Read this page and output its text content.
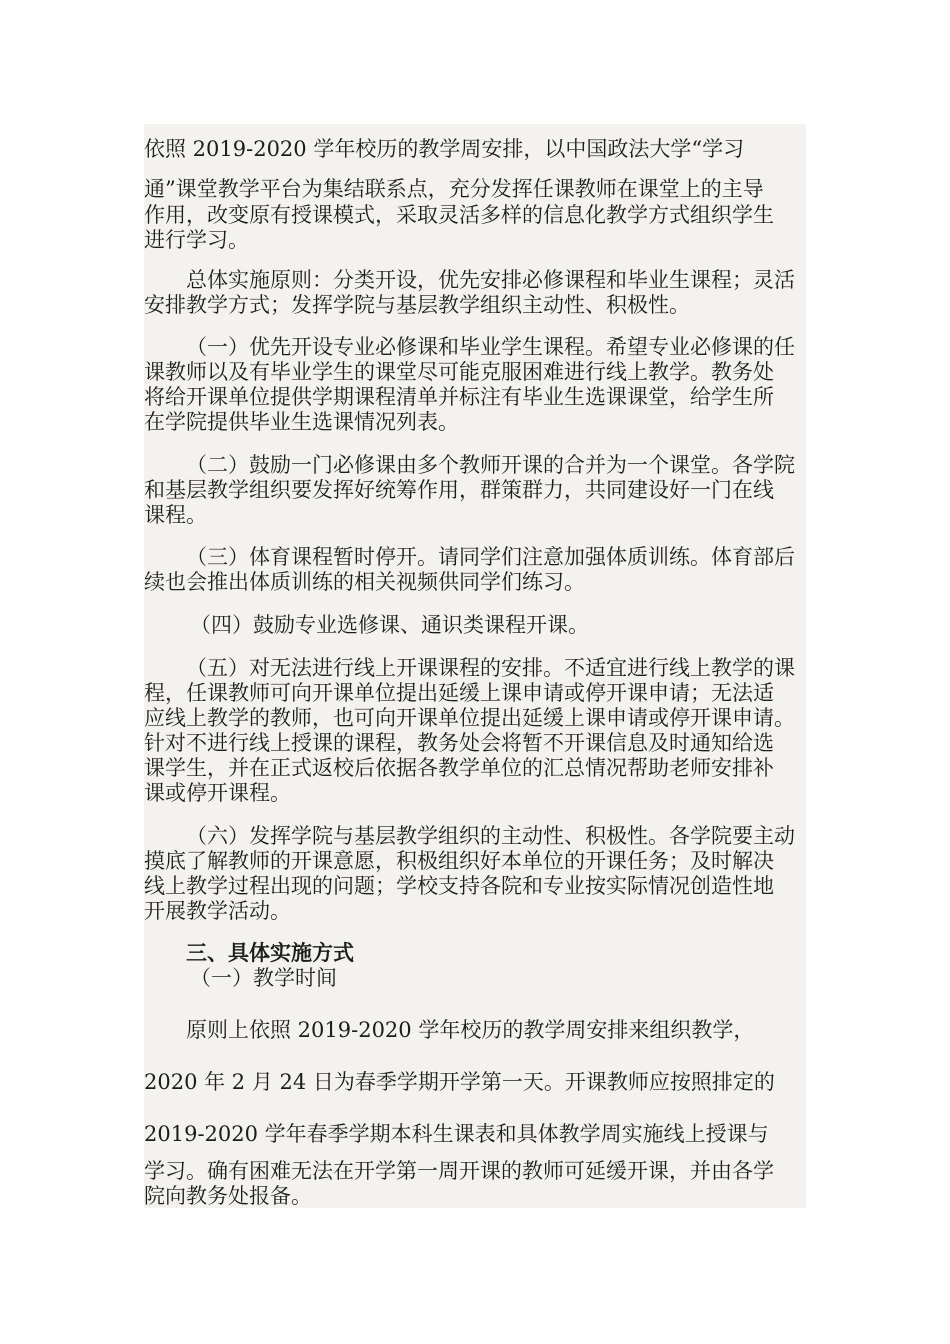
依照 2019-2020 学年校历的教学周安排，以中国政法大学“学习
通”课堂教学平台为集结联系点，充分发挥任课教师在课堂上的主导
作用，改变原有授课模式，采取灵活多样的信息化教学方式组织学生
进行学习。
总体实施原则：分类开设，优先安排必修课程和毕业生课程；灵活
安排教学方式；发挥学院与基层教学组织主动性、积极性。
（一）优先开设专业必修课和毕业学生课程。希望专业必修课的任
课教师以及有毕业学生的课堂尽可能克服困难进行线上教学。教务处
将给开课单位提供学期课程清单并标注有毕业生选课课堂，给学生所
在学院提供毕业生选课情况列表。
（二）鼓励一门必修课由多个教师开课的合并为一个课堂。各学院
和基层教学组织要发挥好统筹作用，群策群力，共同建设好一门在线
课程。
（三）体育课程暂时停开。请同学们注意加强体质训练。体育部后
续也会推出体质训练的相关视频供同学们练习。
（四）鼓励专业选修课、通识类课程开课。
（五）对无法进行线上开课课程的安排。不适宜进行线上教学的课
程，任课教师可向开课单位提出延缓上课申请或停开课申请；无法适
应线上教学的教师，也可向开课单位提出延缓上课申请或停开课申请。
针对不进行线上授课的课程，教务处会将暂不开课信息及时通知给选
课学生，并在正式返校后依据各教学单位的汇总情况帮助老师安排补
课或停开课程。
（六）发挥学院与基层教学组织的主动性、积极性。各学院要主动
摸底了解教师的开课意愿，积极组织好本单位的开课任务；及时解决
线上教学过程出现的问题；学校支持各院和专业按实际情况创造性地
开展教学活动。
三、具体实施方式
（一）教学时间
原则上依照 2019-2020 学年校历的教学周安排来组织教学，
2020 年 2 月 24 日为春季学期开学第一天。开课教师应按照排定的
2019-2020 学年春季学期本科生课表和具体教学周实施线上授课与
学习。确有困难无法在开学第一周开课的教师可延缓开课，并由各学
院向教务处报备。
